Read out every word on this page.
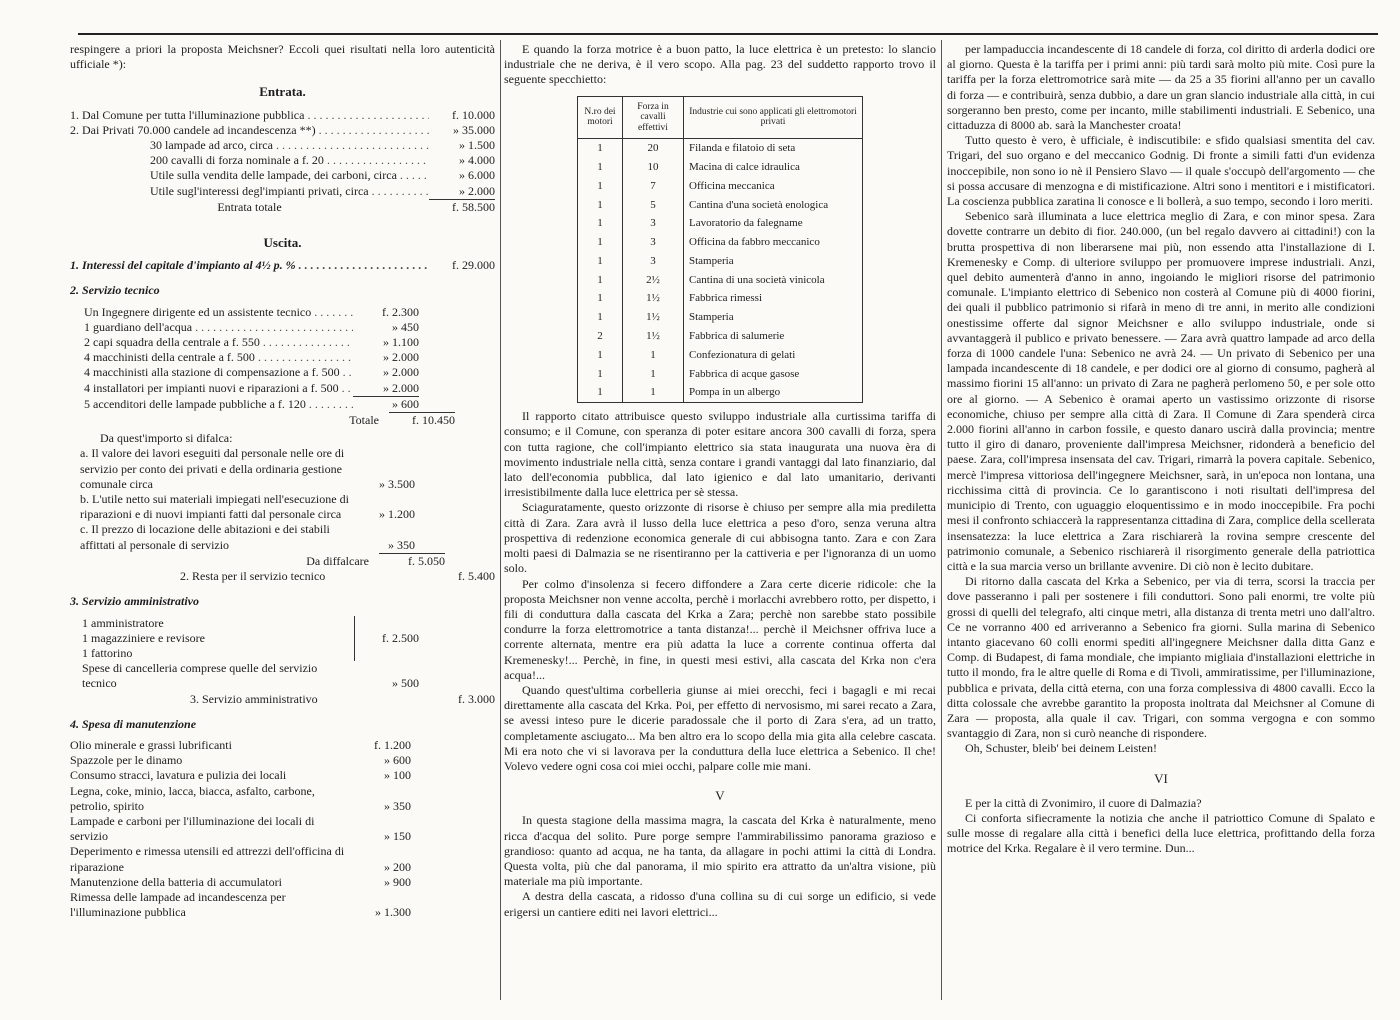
respingere a priori la proposta Meichsner? Eccoli quei risultati nella loro autenticità ufficiale *):

Entrata.
1. Dal Comune per tutta l'illuminazione pubblica . . .	f. 10.000
2. Dai Privati 70.000 candele ad incandescenza **) . . .	» 35.000
30 lampade ad arco, circa . . .	» 1.500
200 cavalli di forza nominale a f. 20 . . .	» 4.000
Utile sulla vendita delle lampade, dei carboni, circa . . .	» 6.000
Utile sugl'interessi degl'impianti privati, circa . . .	» 2.000
Entrata totale	f. 58.500
Uscita.
1. Interessi del capitale d'impianto al 4½ p. % . . .	f. 29.000
2. Servizio tecnico
Un Ingegnere dirigente ed un assistente tecnico . . .	f. 2.300
1 guardiano dell'acqua . . .	» 450
2 capi squadra della centrale a f. 550 . . .	» 1.100
4 macchinisti della centrale a f. 500 . . .	» 2.000
4 macchinisti alla stazione di compensazione a f. 500 . . .	» 2.000
4 installatori per impianti nuovi e riparazioni a f. 500 . . .	» 2.000
5 accenditori delle lampade pubbliche a f. 120 . . .	» 600
Totale	f. 10.450

Da quest'importo si difalca:

a. Il valore dei lavori eseguiti dal personale nelle ore di servizio per conto dei privati e della ordinaria gestione comunale circa	» 3.500
b. L'utile netto sui materiali impiegati nell'esecuzione di riparazioni e di nuovi impianti fatti dal personale circa	» 1.200
c. Il prezzo di locazione delle abitazioni e dei stabili affittati al personale di servizio	» 350
Da diffalcare	f. 5.050
2. Resta per il servizio tecnico	f. 5.400
3. Servizio amministrativo
1 amministratore
1 magazziniere e revisore
1 fattorino
f. 2.500
Spese di cancelleria comprese quelle del servizio tecnico	» 500
3. Servizio amministrativo	f. 3.000
4. Spesa di manutenzione
Olio minerale e grassi lubrificanti	f. 1.200
Spazzole per le dinamo	» 600
Consumo stracci, lavatura e pulizia dei locali	» 100
Legna, coke, minio, lacca, biacca, asfalto, carbone, petrolio, spirito	» 350
Lampade e carboni per l'illuminazione dei locali di servizio	» 150
Deperimento e rimessa utensili ed attrezzi dell'officina di riparazione	» 200
Manutenzione della batteria di accumulatori	» 900
Rimessa delle lampade ad incandescenza per l'illuminazione pubblica	» 1.300

E quando la forza motrice è a buon patto, la luce elettrica è un pretesto: lo slancio industriale che ne deriva, è il vero scopo. Alla pag. 23 del suddetto rapporto trovo il seguente specchietto:

N.ro dei motori	Forza in cavalli effettivi	Industrie cui sono applicati gli elettromotori privati
1	20	Filanda e filatoio di seta
1	10	Macina di calce idraulica
1	7	Officina meccanica
1	5	Cantina d'una società enologica
1	3	Lavoratorio da falegname
1	3	Officina da fabbro meccanico
1	3	Stamperia
1	2½	Cantina di una società vinicola
1	1½	Fabbrica rimessi
1	1½	Stamperia
2	1½	Fabbrica di salumerie
1	1	Confezionatura di gelati
1	1	Fabbrica di acque gasose
1	1	Pompa in un albergo

Il rapporto citato attribuisce questo sviluppo industriale alla curtissima tariffa di consumo; e il Comune, con speranza di poter esitare ancora 300 cavalli di forza, spera con tutta ragione, che coll'impianto elettrico sia stata inaugurata una nuova èra di movimento industriale nella città, senza contare i grandi vantaggi dal lato finanziario, dal lato dell'economia pubblica, dal lato igienico e dal lato umanitario, derivanti irresistibilmente dalla luce elettrica per sè stessa.

Sciaguratamente, questo orizzonte di risorse è chiuso per sempre alla mia prediletta città di Zara. Zara avrà il lusso della luce elettrica a peso d'oro, senza veruna altra prospettiva di redenzione economica generale di cui abbisogna tanto. Zara e con Zara molti paesi di Dalmazia se ne risentiranno per la cattiveria e per l'ignoranza di un uomo solo.

Per colmo d'insolenza si fecero diffondere a Zara certe dicerie ridicole: che la proposta Meichsner non venne accolta, perchè i morlacchi avrebbero rotto, per dispetto, i fili di conduttura dalla cascata del Krka a Zara; perchè non sarebbe stato possibile condurre la forza elettromotrice a tanta distanza!... perchè il Meichsner offriva luce a corrente alternata, mentre era più adatta la luce a corrente continua offerta dal Kremenesky!... Perchè, in fine, in questi mesi estivi, alla cascata del Krka non c'era acqua!...

Quando quest'ultima corbelleria giunse ai miei orecchi, feci i bagagli e mi recai direttamente alla cascata del Krka. Poi, per effetto di nervosismo, mi sarei recato a Zara, se avessi inteso pure le dicerie paradossale che il porto di Zara s'era, ad un tratto, completamente asciugato... Ma ben altro era lo scopo della mia gita alla celebre cascata. Mi era noto che vi si lavorava per la conduttura della luce elettrica a Sebenico. Il che! Volevo vedere ogni cosa coi miei occhi, palpare colle mie mani.

V

In questa stagione della massima magra, la cascata del Krka è naturalmente, meno ricca d'acqua del solito. Pure porge sempre l'ammirabilissimo panorama grazioso e grandioso: quanto ad acqua, ne ha tanta, da allagare in pochi attimi la città di Londra. Questa volta, più che dal panorama, il mio spirito era attratto da un'altra visione, più materiale ma più importante.

A destra della cascata, a ridosso d'una collina su di cui sorge un edificio, si vede erigersi un cantiere editi nei lavori elettrici...

per lampaduccia incandescente di 18 candele di forza, col diritto di arderla dodici ore al giorno. Questa è la tariffa per i primi anni: più tardi sarà molto più mite. Così pure la tariffa per la forza elettromotrice sarà mite — da 25 a 35 fiorini all'anno per un cavallo di forza — e contribuirà, senza dubbio, a dare un gran slancio industriale alla città, in cui sorgeranno ben presto, come per incanto, mille stabilimenti industriali. E Sebenico, una cittaduzza di 8000 ab. sarà la Manchester croata!

Tutto questo è vero, è ufficiale, è indiscutibile: e sfido qualsiasi smentita del cav. Trigari, del suo organo e del meccanico Godnig. Di fronte a simili fatti d'un evidenza inoccepibile, non sono io nè il Pensiero Slavo — il quale s'occupò dell'argomento — che si possa accusare di menzogna e di mistificazione. Altri sono i mentitori e i mistificatori. La coscienza pubblica zaratina li conosce e li bollerà, a suo tempo, secondo i loro meriti.

Sebenico sarà illuminata a luce elettrica meglio di Zara, e con minor spesa. Zara dovette contrarre un debito di fior. 240.000, (un bel regalo davvero ai cittadini!) con la brutta prospettiva di non liberarsene mai più, non essendo atta l'installazione di I. Kremenesky e Comp. di ulteriore sviluppo per promuovere imprese industriali. Anzi, quel debito aumenterà d'anno in anno, ingoiando le migliori risorse del patrimonio comunale. L'impianto elettrico di Sebenico non costerà al Comune più di 4000 fiorini, dei quali il pubblico patrimonio si rifarà in meno di tre anni, in merito alle condizioni onestissime offerte dal signor Meichsner e allo sviluppo industriale, onde si avvantaggerà il publico e privato benessere. — Zara avrà quattro lampade ad arco della forza di 1000 candele l'una: Sebenico ne avrà 24. — Un privato di Sebenico per una lampada incandescente di 18 candele, e per dodici ore al giorno di consumo, pagherà al massimo fiorini 15 all'anno: un privato di Zara ne pagherà perlomeno 50, e per sole otto ore al giorno. — A Sebenico è oramai aperto un vastissimo orizzonte di risorse economiche, chiuso per sempre alla città di Zara. Il Comune di Zara spenderà circa 2.000 fiorini all'anno in carbon fossile, e questo danaro uscirà dalla provincia; mentre tutto il giro di danaro, proveniente dall'impresa Meichsner, ridonderà a beneficio del paese. Zara, coll'impresa insensata del cav. Trigari, rimarrà la povera capitale. Sebenico, mercè l'impresa vittoriosa dell'ingegnere Meichsner, sarà, in un'epoca non lontana, una ricchissima città di provincia. Ce lo garantiscono i noti risultati dell'impresa del municipio di Trento, con uguaggio eloquentissimo e in modo inoccepibile. Fra pochi mesi il confronto schiaccerà la rappresentanza cittadina di Zara, complice della scellerata insensatezza: la luce elettrica a Zara rischiarerà la rovina sempre crescente del patrimonio comunale, a Sebenico rischiarerà il risorgimento generale della patriottica città e la sua marcia verso un brillante avvenire. Di ciò non è lecito dubitare.

Di ritorno dalla cascata del Krka a Sebenico, per via di terra, scorsi la traccia per dove passeranno i pali per sostenere i fili conduttori. Sono pali enormi, tre volte più grossi di quelli del telegrafo, alti cinque metri, alla distanza di trenta metri uno dall'altro. Ce ne vorranno 400 ed arriveranno a Sebenico fra giorni. Sulla marina di Sebenico intanto giacevano 60 colli enormi spediti all'ingegnere Meichsner dalla ditta Ganz e Comp. di Budapest, di fama mondiale, che impianto migliaia d'installazioni elettriche in tutto il mondo, fra le altre quelle di Roma e di Tivoli, ammiratissime, per l'illuminazione, pubblica e privata, della città eterna, con una forza complessiva di 4800 cavalli. Ecco la ditta colossale che avrebbe garantito la proposta inoltrata dal Meichsner al Comune di Zara — proposta, alla quale il cav. Trigari, con somma vergogna e con sommo svantaggio di Zara, non si curò neanche di rispondere.

Oh, Schuster, bleib' bei deinem Leisten!

VI

E per la città di Zvonimiro, il cuore di Dalmazia?

Ci conforta sifiecramente la notizia che anche il patriottico Comune di Spalato e sulle mosse di regalare alla città i benefici della luce elettrica, profittando della forza motrice del Krka. Regalare è il vero termine. Dun...
